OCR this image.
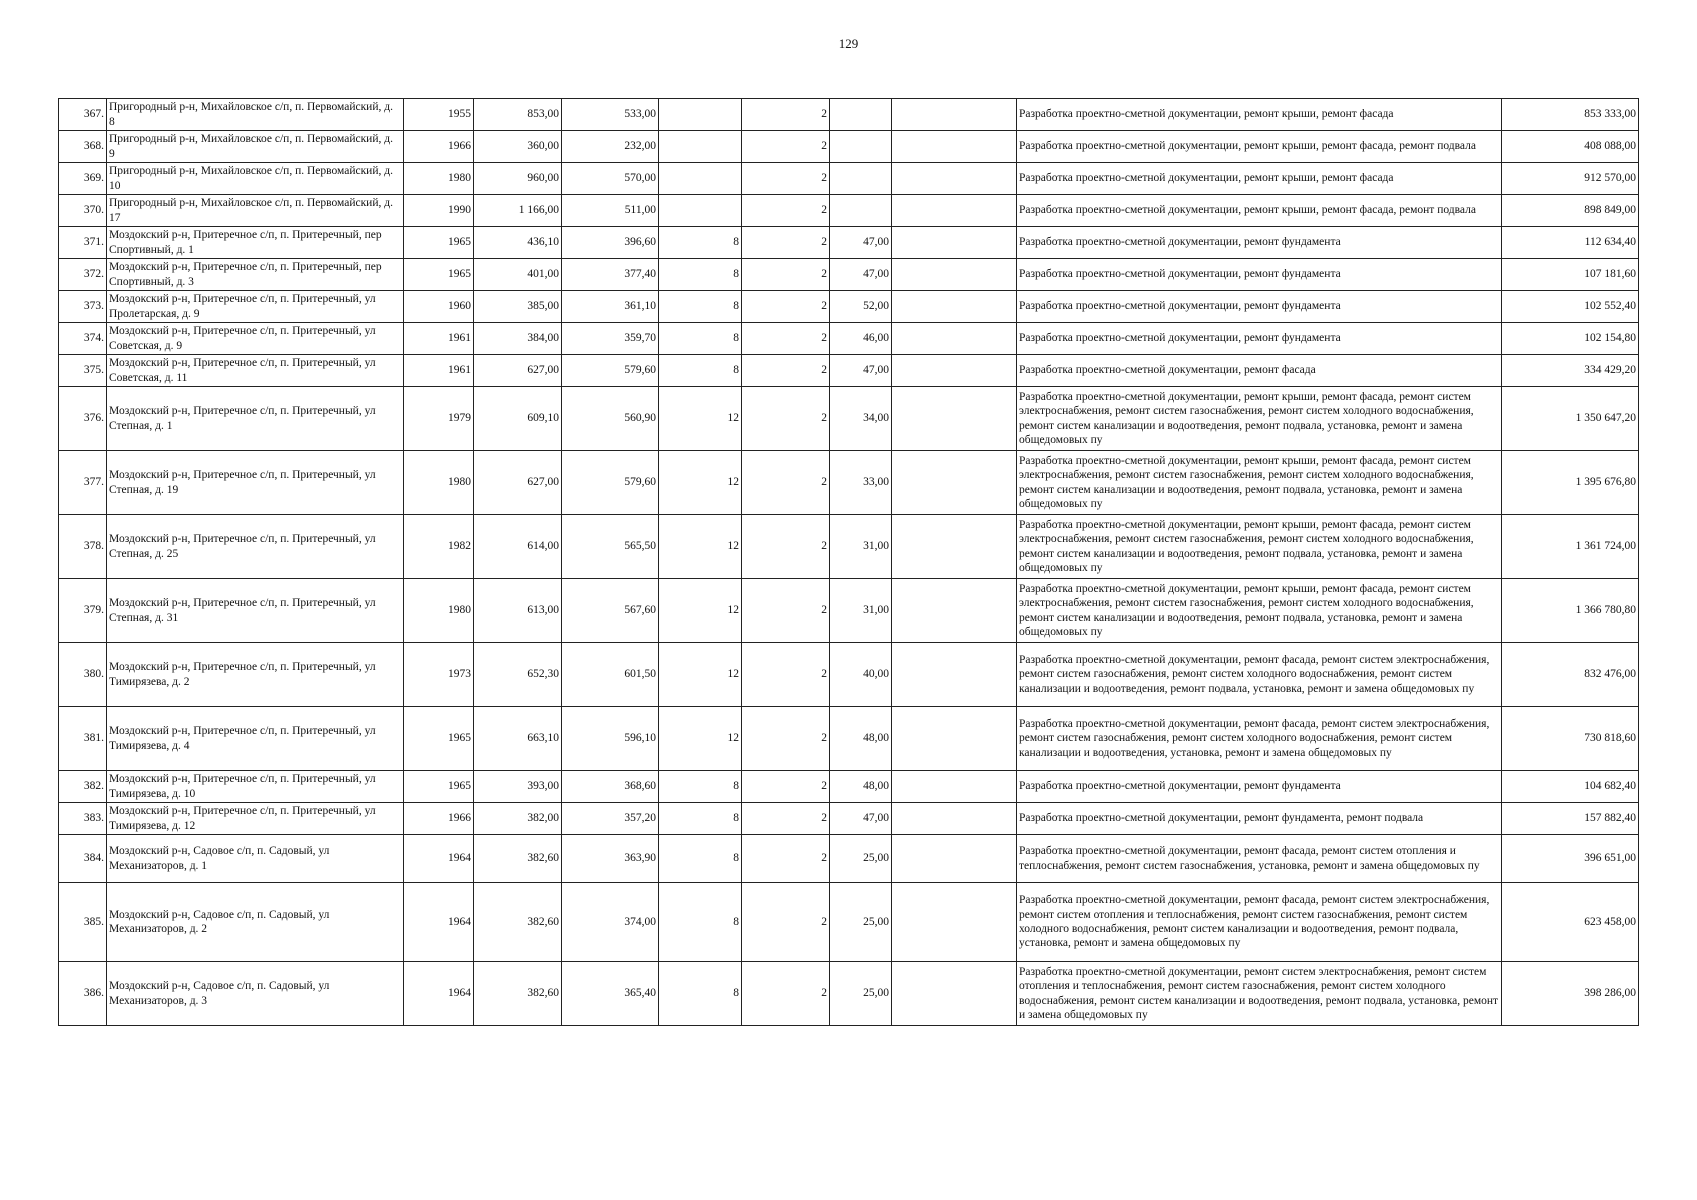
129
367.	Пригородный р-н, Михайловское с/п, п. Первомайский, д. 8	1955	853,00	533,00		2			Разработка проектно-сметной документации, ремонт крыши, ремонт фасада	853 333,00
368.	Пригородный р-н, Михайловское с/п, п. Первомайский, д. 9	1966	360,00	232,00		2			Разработка проектно-сметной документации, ремонт крыши, ремонт фасада, ремонт подвала	408 088,00
369.	Пригородный р-н, Михайловское с/п, п. Первомайский, д. 10	1980	960,00	570,00		2			Разработка проектно-сметной документации, ремонт крыши, ремонт фасада	912 570,00
370.	Пригородный р-н, Михайловское с/п, п. Первомайский, д. 17	1990	1 166,00	511,00		2			Разработка проектно-сметной документации, ремонт крыши, ремонт фасада, ремонт подвала	898 849,00
371.	Моздокский р-н, Притеречное с/п, п. Притеречный, пер Спортивный, д. 1	1965	436,10	396,60	8	2	47,00		Разработка проектно-сметной документации, ремонт фундамента	112 634,40
372.	Моздокский р-н, Притеречное с/п, п. Притеречный, пер Спортивный, д. 3	1965	401,00	377,40	8	2	47,00		Разработка проектно-сметной документации, ремонт фундамента	107 181,60
373.	Моздокский р-н, Притеречное с/п, п. Притеречный, ул Пролетарская, д. 9	1960	385,00	361,10	8	2	52,00		Разработка проектно-сметной документации, ремонт фундамента	102 552,40
374.	Моздокский р-н, Притеречное с/п, п. Притеречный, ул Советская, д. 9	1961	384,00	359,70	8	2	46,00		Разработка проектно-сметной документации, ремонт фундамента	102 154,80
375.	Моздокский р-н, Притеречное с/п, п. Притеречный, ул Советская, д. 11	1961	627,00	579,60	8	2	47,00		Разработка проектно-сметной документации, ремонт фасада	334 429,20
376.	Моздокский р-н, Притеречное с/п, п. Притеречный, ул Степная, д. 1	1979	609,10	560,90	12	2	34,00		Разработка проектно-сметной документации, ремонт крыши, ремонт фасада, ремонт систем электроснабжения, ремонт систем газоснабжения, ремонт систем холодного водоснабжения, ремонт систем канализации и водоотведения, ремонт подвала, установка, ремонт и замена общедомовых пу	1 350 647,20
377.	Моздокский р-н, Притеречное с/п, п. Притеречный, ул Степная, д. 19	1980	627,00	579,60	12	2	33,00		Разработка проектно-сметной документации, ремонт крыши, ремонт фасада, ремонт систем электроснабжения, ремонт систем газоснабжения, ремонт систем холодного водоснабжения, ремонт систем канализации и водоотведения, ремонт подвала, установка, ремонт и замена общедомовых пу	1 395 676,80
378.	Моздокский р-н, Притеречное с/п, п. Притеречный, ул Степная, д. 25	1982	614,00	565,50	12	2	31,00		Разработка проектно-сметной документации, ремонт крыши, ремонт фасада, ремонт систем электроснабжения, ремонт систем газоснабжения, ремонт систем холодного водоснабжения, ремонт систем канализации и водоотведения, ремонт подвала, установка, ремонт и замена общедомовых пу	1 361 724,00
379.	Моздокский р-н, Притеречное с/п, п. Притеречный, ул Степная, д. 31	1980	613,00	567,60	12	2	31,00		Разработка проектно-сметной документации, ремонт крыши, ремонт фасада, ремонт систем электроснабжения, ремонт систем газоснабжения, ремонт систем холодного водоснабжения, ремонт систем канализации и водоотведения, ремонт подвала, установка, ремонт и замена общедомовых пу	1 366 780,80
380.	Моздокский р-н, Притеречное с/п, п. Притеречный, ул Тимирязева, д. 2	1973	652,30	601,50	12	2	40,00		Разработка проектно-сметной документации, ремонт фасада, ремонт систем электроснабжения, ремонт систем газоснабжения, ремонт систем холодного водоснабжения, ремонт систем канализации и водоотведения, ремонт подвала, установка, ремонт и замена общедомовых пу	832 476,00
381.	Моздокский р-н, Притеречное с/п, п. Притеречный, ул Тимирязева, д. 4	1965	663,10	596,10	12	2	48,00		Разработка проектно-сметной документации, ремонт фасада, ремонт систем электроснабжения, ремонт систем газоснабжения, ремонт систем холодного водоснабжения, ремонт систем канализации и водоотведения, установка, ремонт и замена общедомовых пу	730 818,60
382.	Моздокский р-н, Притеречное с/п, п. Притеречный, ул Тимирязева, д. 10	1965	393,00	368,60	8	2	48,00		Разработка проектно-сметной документации, ремонт фундамента	104 682,40
383.	Моздокский р-н, Притеречное с/п, п. Притеречный, ул Тимирязева, д. 12	1966	382,00	357,20	8	2	47,00		Разработка проектно-сметной документации, ремонт фундамента, ремонт подвала	157 882,40
384.	Моздокский р-н, Садовое с/п, п. Садовый, ул Механизаторов, д. 1	1964	382,60	363,90	8	2	25,00		Разработка проектно-сметной документации, ремонт фасада, ремонт систем отопления и теплоснабжения, ремонт систем газоснабжения, установка, ремонт и замена общедомовых пу	396 651,00
385.	Моздокский р-н, Садовое с/п, п. Садовый, ул Механизаторов, д. 2	1964	382,60	374,00	8	2	25,00		Разработка проектно-сметной документации, ремонт фасада, ремонт систем электроснабжения, ремонт систем отопления и теплоснабжения, ремонт систем газоснабжения, ремонт систем холодного водоснабжения, ремонт систем канализации и водоотведения, ремонт подвала, установка, ремонт и замена общедомовых пу	623 458,00
386.	Моздокский р-н, Садовое с/п, п. Садовый, ул Механизаторов, д. 3	1964	382,60	365,40	8	2	25,00		Разработка проектно-сметной документации, ремонт систем электроснабжения, ремонт систем отопления и теплоснабжения, ремонт систем газоснабжения, ремонт систем холодного водоснабжения, ремонт систем канализации и водоотведения, ремонт подвала, установка, ремонт и замена общедомовых пу	398 286,00
